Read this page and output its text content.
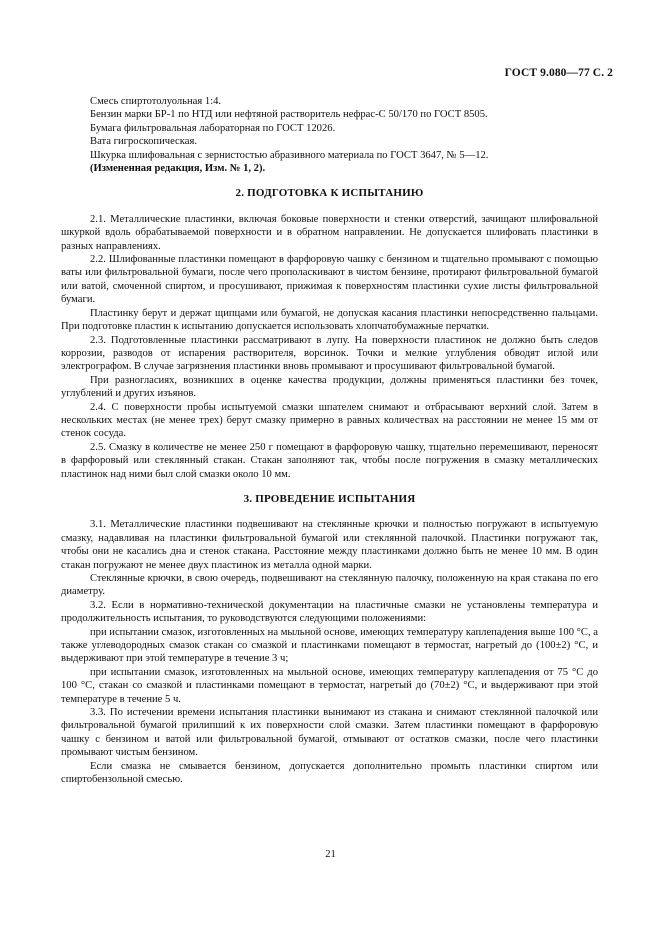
ГОСТ 9.080—77 С. 2

Смесь спиртотолуольная 1:4.

Бензин марки БР-1 по НТД или нефтяной растворитель нефрас-С 50/170 по ГОСТ 8505.

Бумага фильтровальная лабораторная по ГОСТ 12026.

Вата гигроскопическая.

Шкурка шлифовальная с зернистостью абразивного материала по ГОСТ 3647, № 5—12.

(Измененная редакция, Изм. № 1, 2).

2. ПОДГОТОВКА К ИСПЫТАНИЮ

2.1. Металлические пластинки, включая боковые поверхности и стенки отверстий, зачищают шлифовальной шкуркой вдоль обрабатываемой поверхности и в обратном направлении. Не допускается шлифовать пластинки в разных направлениях.

2.2. Шлифованные пластинки помещают в фарфоровую чашку с бензином и тщательно промывают с помощью ваты или фильтровальной бумаги, после чего прополаскивают в чистом бензине, протирают фильтровальной бумагой или ватой, смоченной спиртом, и просушивают, прижимая к поверхностям пластинки сухие листы фильтровальной бумаги.

Пластинку берут и держат щипцами или бумагой, не допуская касания пластинки непосредственно пальцами. При подготовке пластин к испытанию допускается использовать хлопчатобумажные перчатки.

2.3. Подготовленные пластинки рассматривают в лупу. На поверхности пластинок не должно быть следов коррозии, разводов от испарения растворителя, ворсинок. Точки и мелкие углубления обводят иглой или электрографом. В случае загрязнения пластинки вновь промывают и просушивают фильтровальной бумагой.

При разногласиях, возникших в оценке качества продукции, должны применяться пластинки без точек, углублений и других изъянов.

2.4. С поверхности пробы испытуемой смазки шпателем снимают и отбрасывают верхний слой. Затем в нескольких местах (не менее трех) берут смазку примерно в равных количествах на расстоянии не менее 15 мм от стенок сосуда.

2.5. Смазку в количестве не менее 250 г помещают в фарфоровую чашку, тщательно перемешивают, переносят в фарфоровый или стеклянный стакан. Стакан заполняют так, чтобы после погружения в смазку металлических пластинок над ними был слой смазки около 10 мм.

3. ПРОВЕДЕНИЕ ИСПЫТАНИЯ

3.1. Металлические пластинки подвешивают на стеклянные крючки и полностью погружают в испытуемую смазку, надавливая на пластинки фильтровальной бумагой или стеклянной палочкой. Пластинки погружают так, чтобы они не касались дна и стенок стакана. Расстояние между пластинками должно быть не менее 10 мм. В один стакан погружают не менее двух пластинок из металла одной марки.

Стеклянные крючки, в свою очередь, подвешивают на стеклянную палочку, положенную на края стакана по его диаметру.

3.2. Если в нормативно-технической документации на пластичные смазки не установлены температура и продолжительность испытания, то руководствуются следующими положениями:

при испытании смазок, изготовленных на мыльной основе, имеющих температуру каплепадения выше 100 °С, а также углеводородных смазок стакан со смазкой и пластинками помещают в термостат, нагретый до (100±2) °С, и выдерживают при этой температуре в течение 3 ч;

при испытании смазок, изготовленных на мыльной основе, имеющих температуру каплепадения от 75 °С до 100 °С, стакан со смазкой и пластинками помещают в термостат, нагретый до (70±2) °С, и выдерживают при этой температуре в течение 5 ч.

3.3. По истечении времени испытания пластинки вынимают из стакана и снимают стеклянной палочкой или фильтровальной бумагой прилипший к их поверхности слой смазки. Затем пластинки помещают в фарфоровую чашку с бензином и ватой или фильтровальной бумагой, отмывают от остатков смазки, после чего пластинки промывают чистым бензином.

Если смазка не смывается бензином, допускается дополнительно промыть пластинки спиртом или спиртобензольной смесью.

21
